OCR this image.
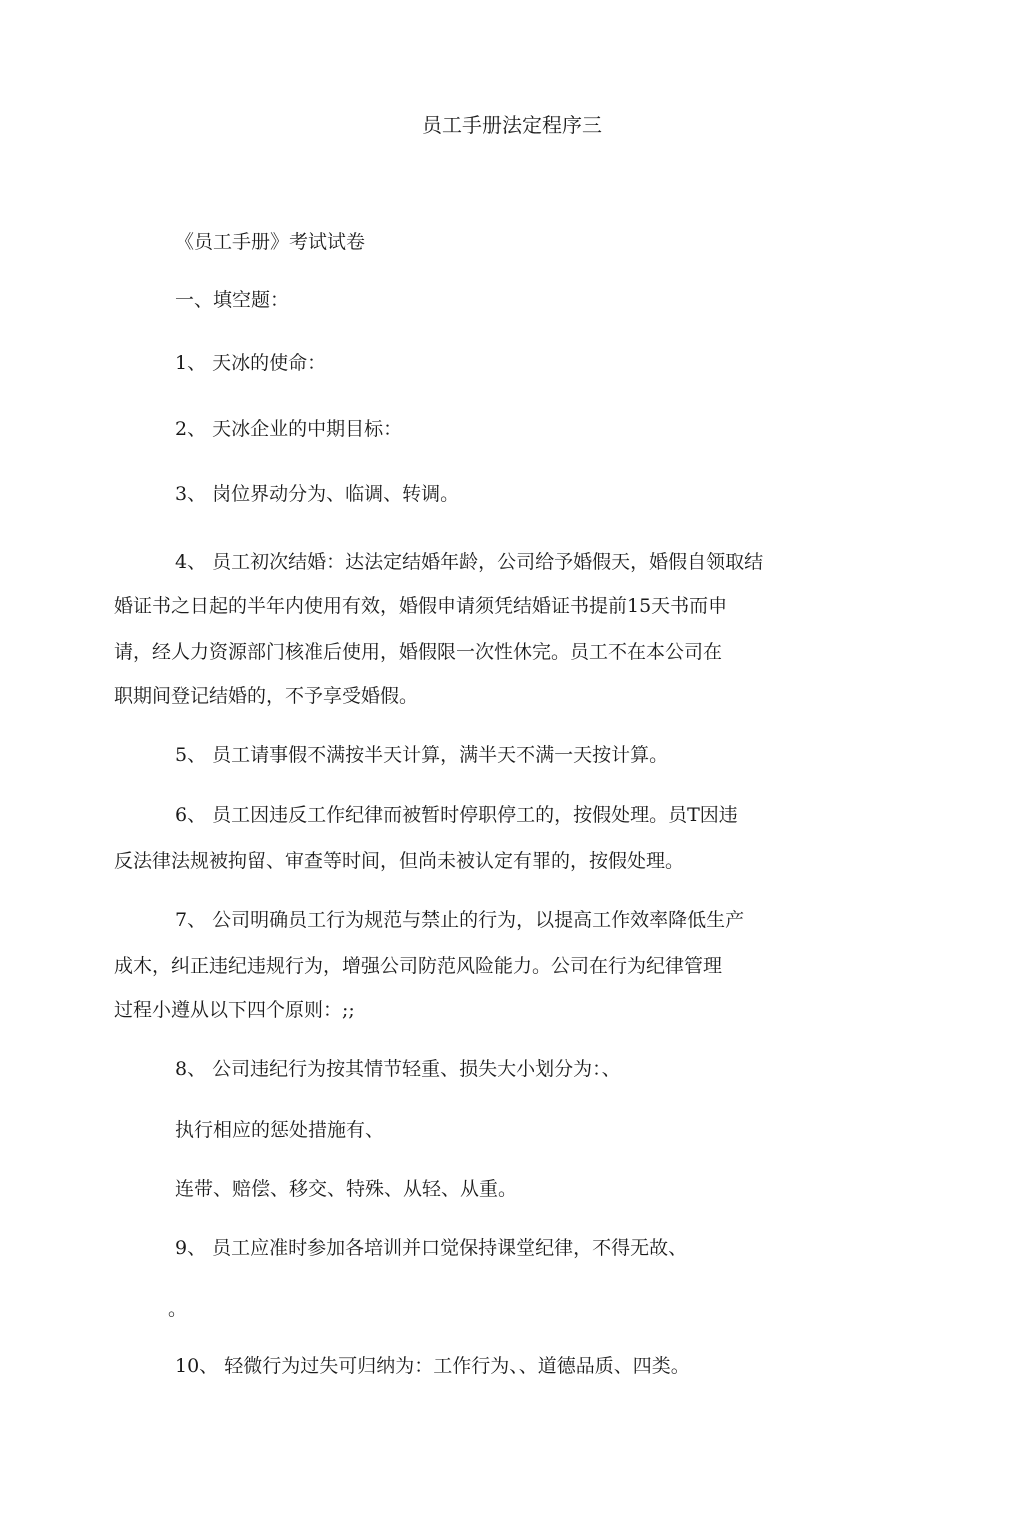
员工手册法定程序三
《员工手册》考试试卷
一、填空题：
1、 天冰的使命：
2、 天冰企业的中期目标：
3、 岗位界动分为、临调、转调。
4、 员工初次结婚：达法定结婚年龄，公司给予婚假天，婚假自领取结
婚证书之日起的半年内使用有效，婚假申请须凭结婚证书提前15天书而申
请，经人力资源部门核准后使用，婚假限一次性休完。员工不在本公司在
职期间登记结婚的，不予享受婚假。
5、 员工请事假不满按半天计算，满半天不满一天按计算。
6、 员工因违反工作纪律而被暂时停职停工的，按假处理。员T因违
反法律法规被拘留、审查等时间，但尚未被认定有罪的，按假处理。
7、 公司明确员工行为规范与禁止的行为，以提高工作效率降低生产
成木，纠正违纪违规行为，增强公司防范风险能力。公司在行为纪律管理
过程小遵从以下四个原则：;;
8、 公司违纪行为按其情节轻重、损失大小划分为：、
执行相应的惩处措施有、
连带、赔偿、移交、特殊、从轻、从重。
9、 员工应准时参加各培训并口觉保持课堂纪律，不得无故、
。
10、 轻微行为过失可归纳为：工作行为、、道德品质、四类。
